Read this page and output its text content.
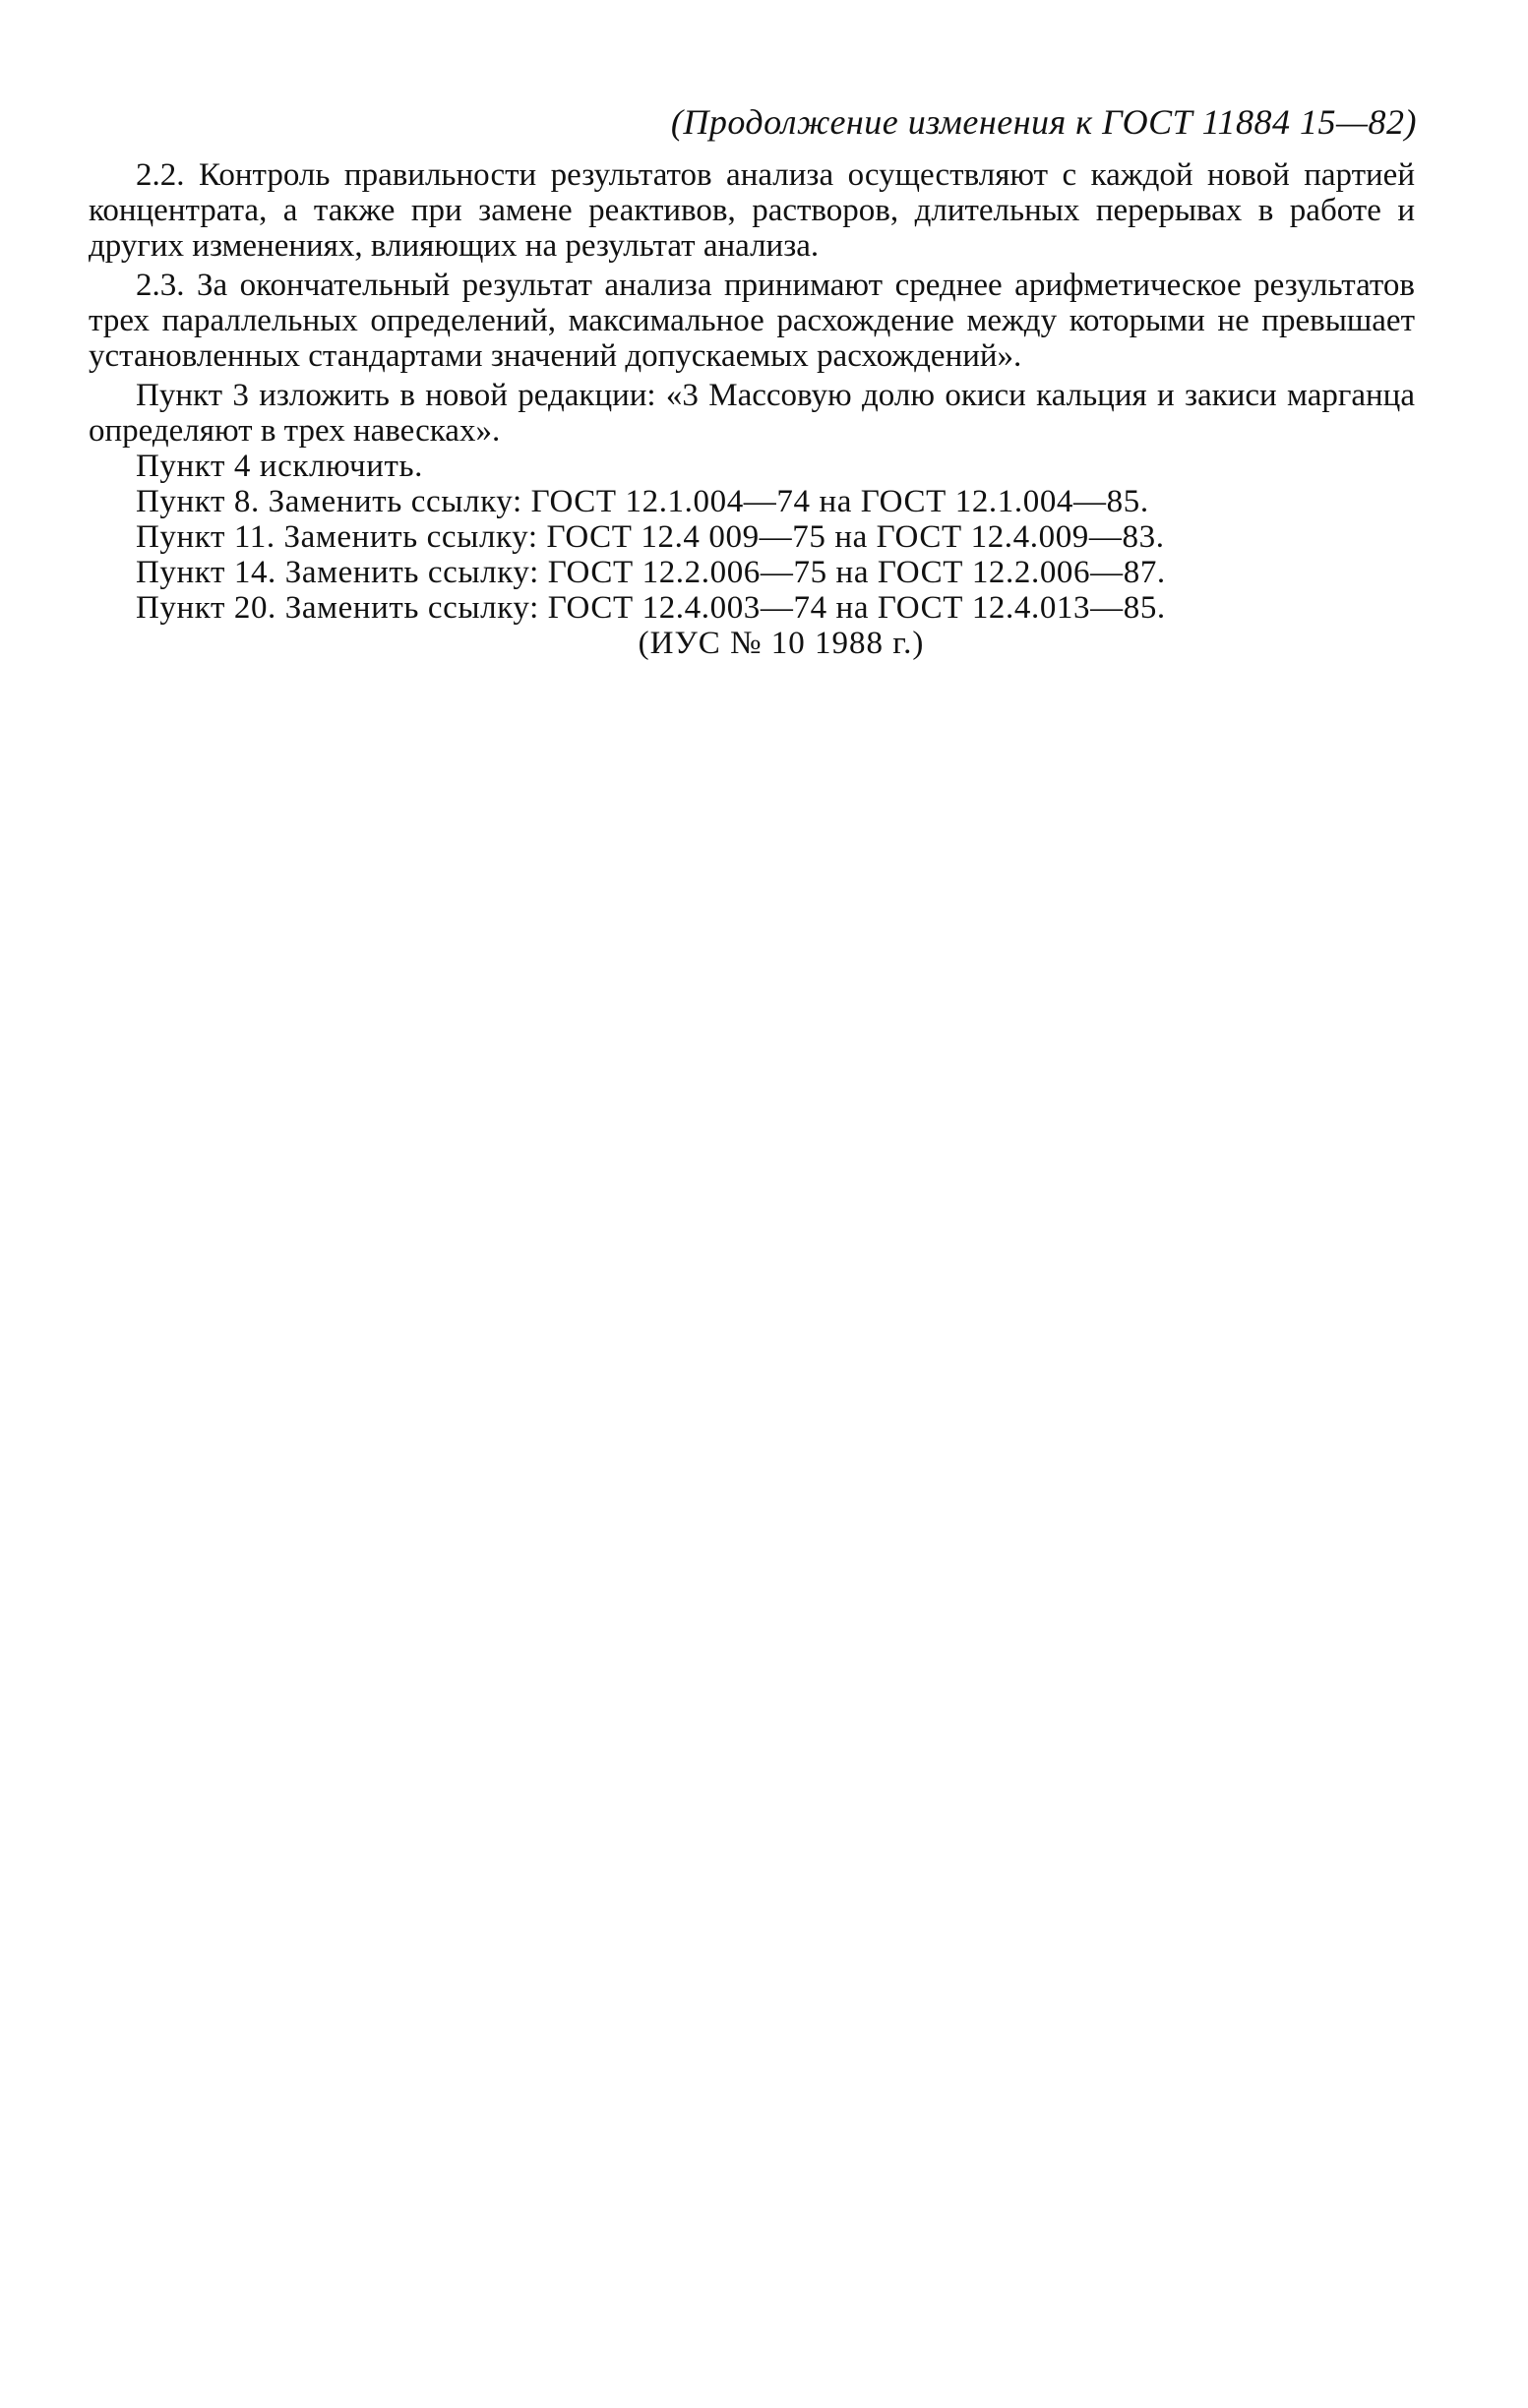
(Продолжение изменения к ГОСТ 11884 15—82)

2.2. Контроль правильности результатов анализа осуществляют с каждой новой партией концентрата, а также при замене реактивов, растворов, длительных перерывах в работе и других изменениях, влияющих на результат анализа.

2.3. За окончательный результат анализа принимают среднее арифметическое результатов трех параллельных определений, максимальное расхождение между которыми не превышает установленных стандартами значений допускаемых расхождений».

Пункт 3 изложить в новой редакции: «3 Массовую долю окиси кальция и закиси марганца определяют в трех навесках».

Пункт 4 исключить.

Пункт 8. Заменить ссылку: ГОСТ 12.1.004—74 на ГОСТ 12.1.004—85.

Пункт 11. Заменить ссылку: ГОСТ 12.4 009—75 на ГОСТ 12.4.009—83.

Пункт 14. Заменить ссылку: ГОСТ 12.2.006—75 на ГОСТ 12.2.006—87.

Пункт 20. Заменить ссылку: ГОСТ 12.4.003—74 на ГОСТ 12.4.013—85.

(ИУС № 10 1988 г.)
